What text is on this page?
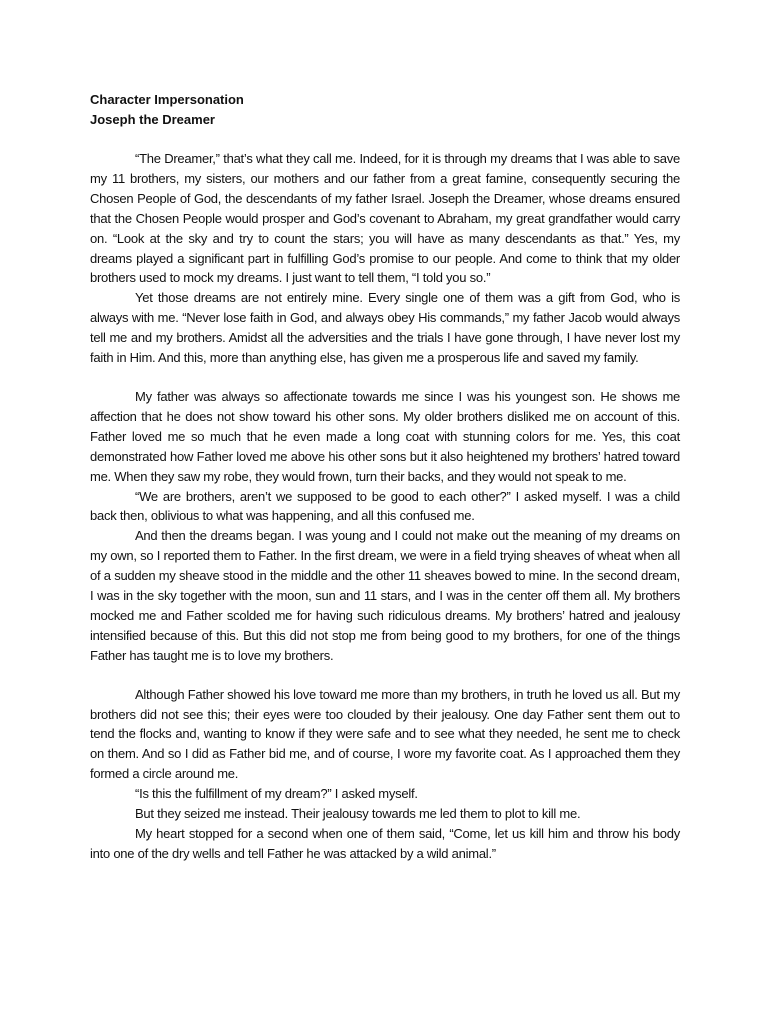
Character Impersonation

Joseph the Dreamer

“The Dreamer,” that’s what they call me. Indeed, for it is through my dreams that I was able to save my 11 brothers, my sisters, our mothers and our father from a great famine, consequently securing the Chosen People of God, the descendants of my father Israel. Joseph the Dreamer, whose dreams ensured that the Chosen People would prosper and God’s covenant to Abraham, my great grandfather would carry on. “Look at the sky and try to count the stars; you will have as many descendants as that.” Yes, my dreams played a significant part in fulfilling God’s promise to our people. And come to think that my older brothers used to mock my dreams. I just want to tell them, “I told you so.”

Yet those dreams are not entirely mine. Every single one of them was a gift from God, who is always with me. “Never lose faith in God, and always obey His commands,” my father Jacob would always tell me and my brothers. Amidst all the adversities and the trials I have gone through, I have never lost my faith in Him. And this, more than anything else, has given me a prosperous life and saved my family.

My father was always so affectionate towards me since I was his youngest son. He shows me affection that he does not show toward his other sons. My older brothers disliked me on account of this. Father loved me so much that he even made a long coat with stunning colors for me. Yes, this coat demonstrated how Father loved me above his other sons but it also heightened my brothers’ hatred toward me. When they saw my robe, they would frown, turn their backs, and they would not speak to me.

“We are brothers, aren’t we supposed to be good to each other?” I asked myself. I was a child back then, oblivious to what was happening, and all this confused me.

And then the dreams began. I was young and I could not make out the meaning of my dreams on my own, so I reported them to Father. In the first dream, we were in a field trying sheaves of wheat when all of a sudden my sheave stood in the middle and the other 11 sheaves bowed to mine. In the second dream, I was in the sky together with the moon, sun and 11 stars, and I was in the center off them all. My brothers mocked me and Father scolded me for having such ridiculous dreams. My brothers’ hatred and jealousy intensified because of this. But this did not stop me from being good to my brothers, for one of the things Father has taught me is to love my brothers.

Although Father showed his love toward me more than my brothers, in truth he loved us all. But my brothers did not see this; their eyes were too clouded by their jealousy. One day Father sent them out to tend the flocks and, wanting to know if they were safe and to see what they needed, he sent me to check on them. And so I did as Father bid me, and of course, I wore my favorite coat. As I approached them they formed a circle around me.

“Is this the fulfillment of my dream?” I asked myself.

But they seized me instead. Their jealousy towards me led them to plot to kill me.

My heart stopped for a second when one of them said, “Come, let us kill him and throw his body into one of the dry wells and tell Father he was attacked by a wild animal.”
